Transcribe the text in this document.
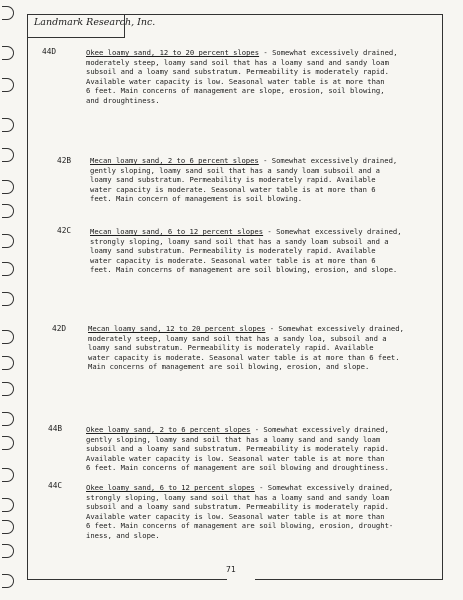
Landmark Research, Inc.
44D	Okee loamy sand, 12 to 20 percent slopes - Somewhat excessively drained,
moderately steep, loamy sand soil that has a loamy sand and sandy loam
subsoil and a loamy sand substratum. Permeability is moderately rapid.
Available water capacity is low. Seasonal water table is at more than
6 feet. Main concerns of management are slope, erosion, soil blowing,
and droughtiness.
42B	Mecan loamy sand, 2 to 6 percent slopes - Somewhat excessively drained,
gently sloping, loamy sand soil that has a sandy loam subsoil and a
loamy sand substratum. Permeability is moderately rapid. Available
water capacity is moderate. Seasonal water table is at more than 6
feet. Main concern of management is soil blowing.
42C	Mecan loamy sand, 6 to 12 percent slopes - Somewhat excessively drained,
strongly sloping, loamy sand soil that has a sandy loam subsoil and a
loamy sand substratum. Permeability is moderately rapid. Available
water capacity is moderate. Seasonal water table is at more than 6
feet. Main concerns of management are soil blowing, erosion, and slope.
42D	Mecan loamy sand, 12 to 20 percent slopes - Somewhat excessively drained,
moderately steep, loamy sand soil that has a sandy loa, subsoil and a
loamy sand substratum. Permeability is moderately rapid. Available
water capacity is moderate. Seasonal water table is at more than 6 feet.
Main concerns of management are soil blowing, erosion, and slope.
44B	Okee loamy sand, 2 to 6 percent slopes - Somewhat excessively drained,
gently sloping, loamy sand soil that has a loamy sand and sandy loam
subsoil and a loamy sand substratum. Permeability is moderately rapid.
Available water capacity is low. Seasonal water table is at more than
6 feet. Main concerns of management are soil blowing and droughtiness.
44C	Okee loamy sand, 6 to 12 percent slopes - Somewhat excessively drained,
strongly sloping, loamy sand soil that has a loamy sand and sandy loam
subsoil and a loamy sand substratum. Permeability is moderately rapid.
Available water capacity is low. Seasonal water table is at more than
6 feet. Main concerns of management are soil blowing, erosion, drought-
iness, and slope.
71
